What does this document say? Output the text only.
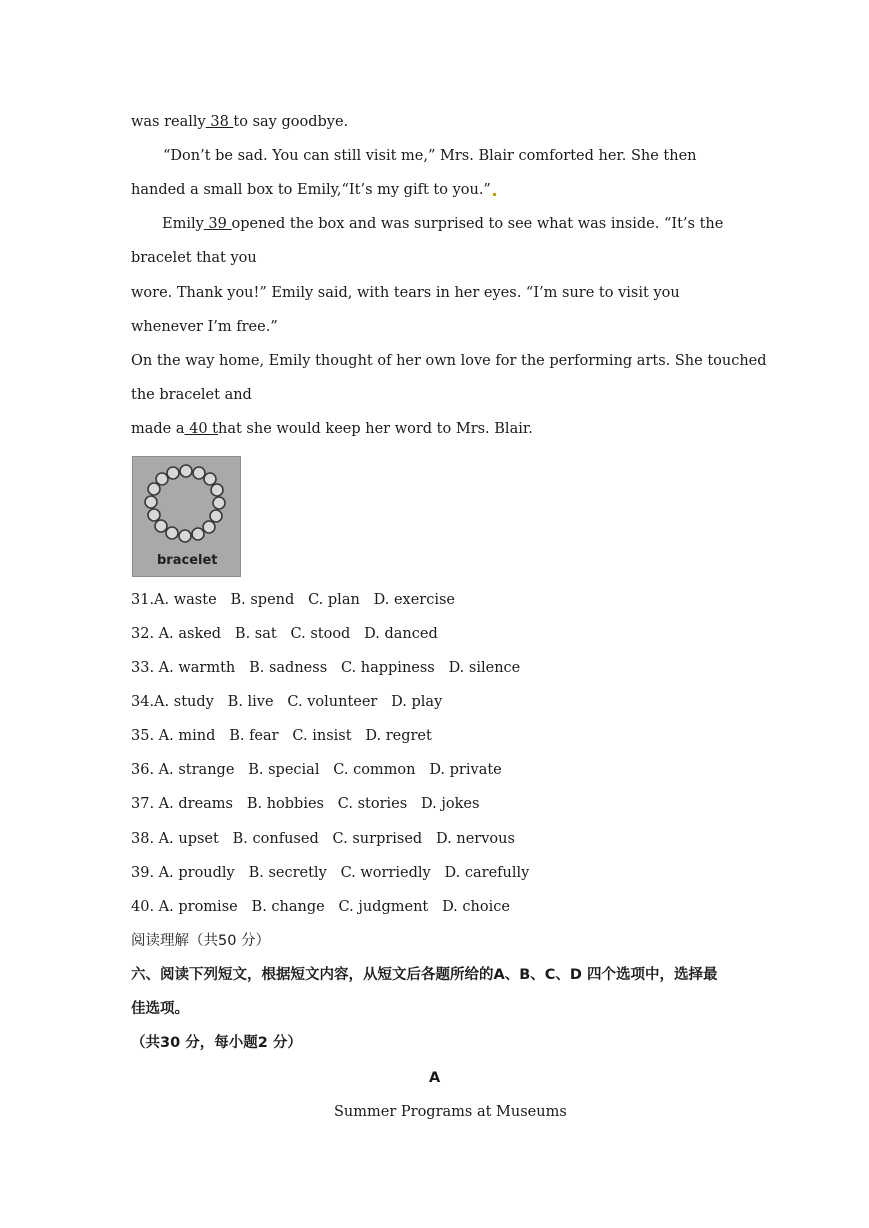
was really 38 to say goodbye.
“Don’t be sad. You can still visit me,” Mrs. Blair comforted her. She then
handed a small box to Emily,“It’s my gift to you.”
Emily 39 opened the box and was surprised to see what was inside. “It’s the
bracelet that you
wore. Thank you!” Emily said, with tears in her eyes. “I’m sure to visit you
whenever I’m free.”
On the way home, Emily thought of her own love for the performing arts. She touched
the bracelet and
made a 40 that she would keep her word to Mrs. Blair.
bracelet
31.A. waste   B. spend   C. plan   D. exercise
32. A. asked   B. sat   C. stood   D. danced
33. A. warmth   B. sadness   C. happiness   D. silence
34.A. study   B. live   C. volunteer   D. play
35. A. mind   B. fear   C. insist   D. regret
36. A. strange   B. special   C. common   D. private
37. A. dreams   B. hobbies   C. stories   D. jokes
38. A. upset   B. confused   C. surprised   D. nervous
39. A. proudly   B. secretly   C. worriedly   D. carefully
40. A. promise   B. change   C. judgment   D. choice
阅读理解（共50 分）
六、阅读下列短文，根据短文内容，从短文后各题所给的A、B、C、D 四个选项中，选择最
佳选项。
（共30 分，每小题2 分）
A
Summer Programs at Museums
